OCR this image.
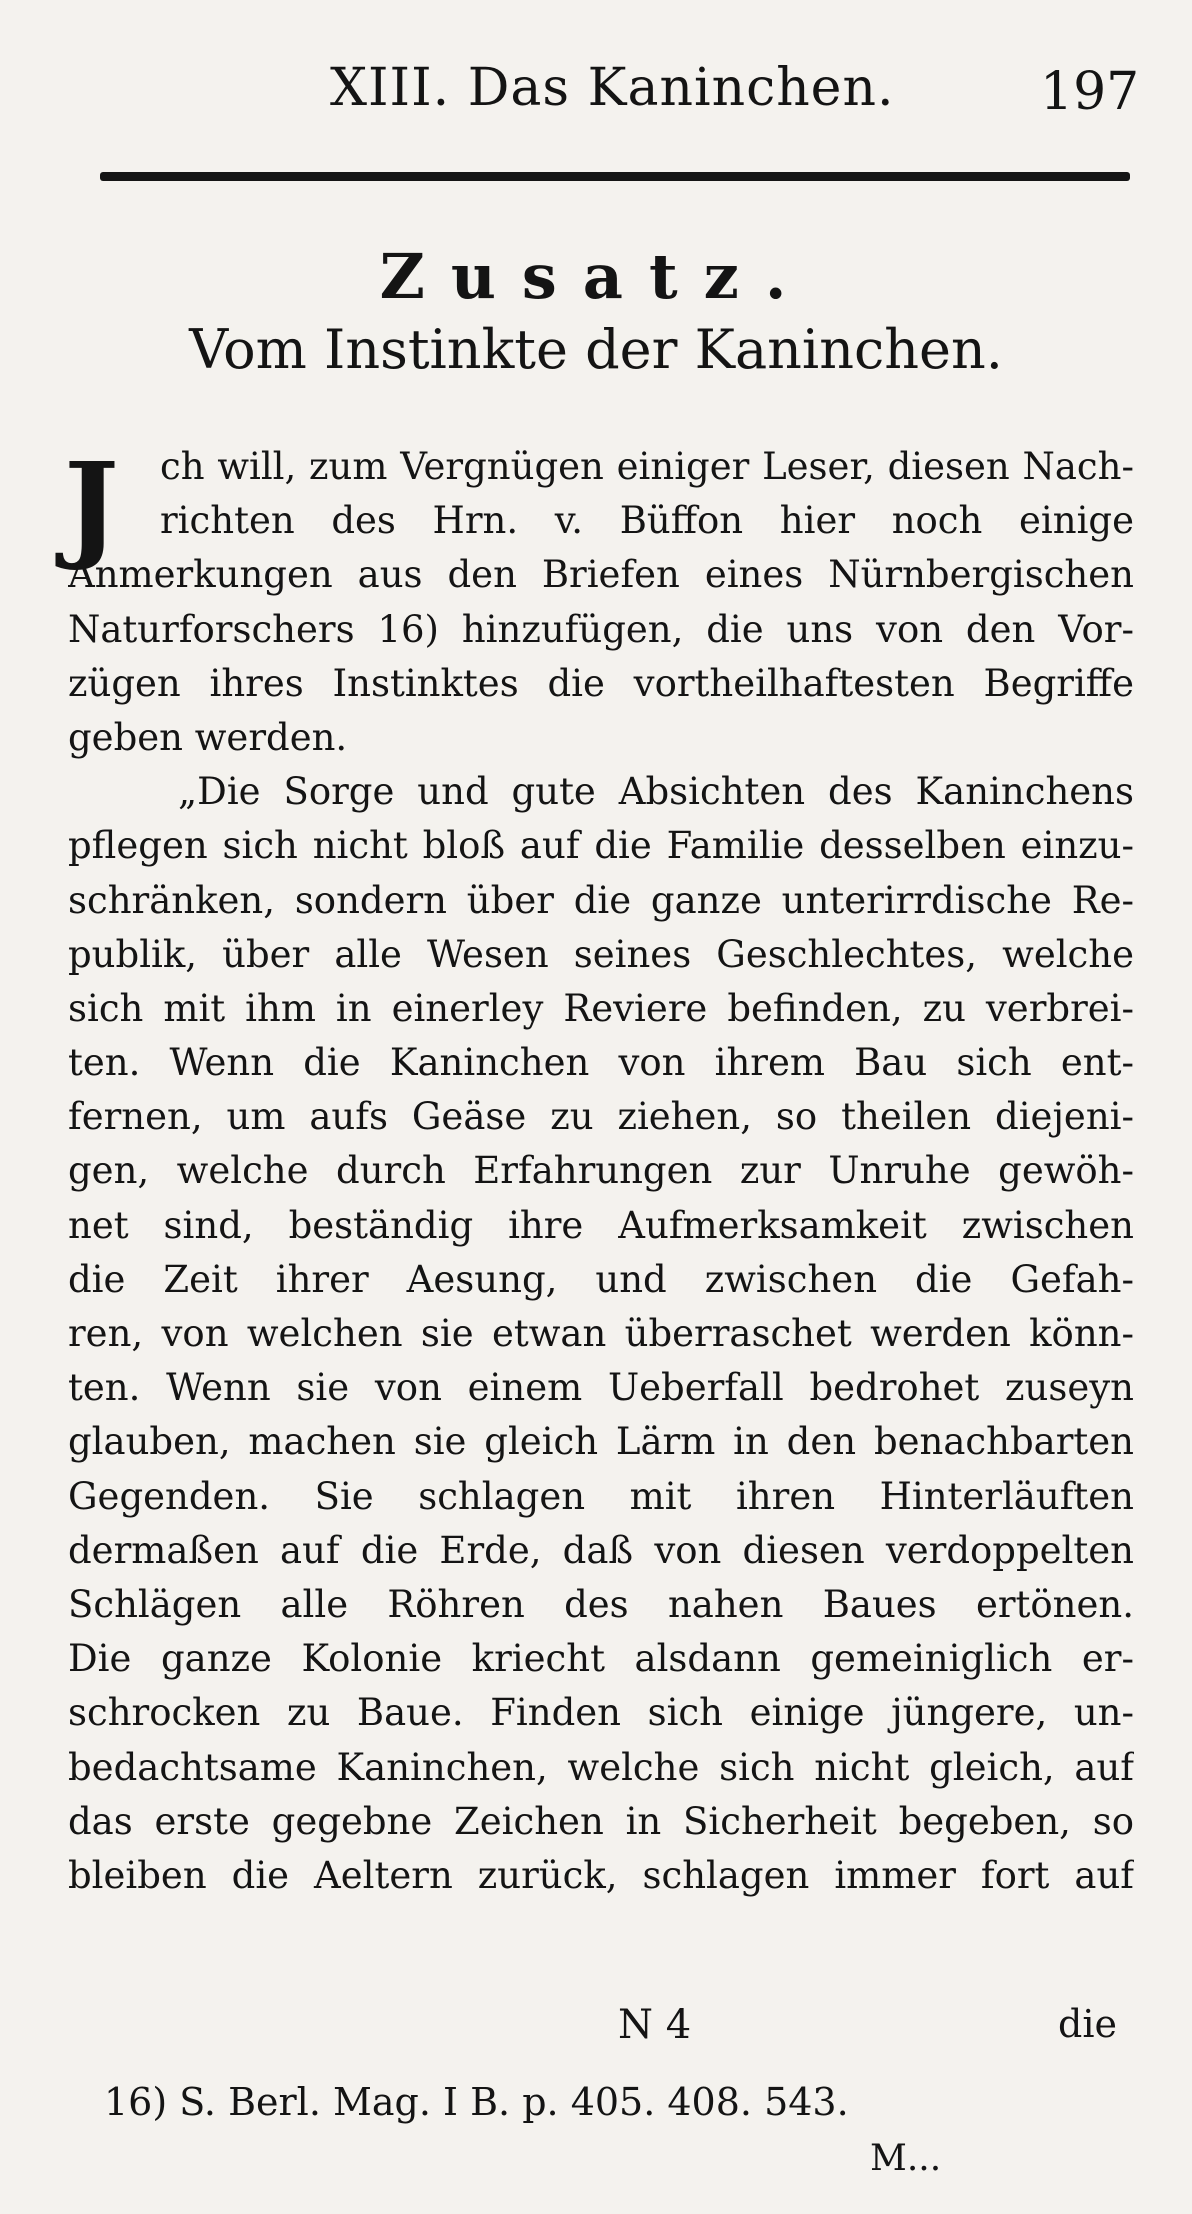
XIII. Das Kaninchen.	197
Zusatz.
Vom Instinkte der Kaninchen.
J	ch will, zum Vergnügen einiger Leser, diesen Nach-
richten des Hrn. v. Büffon hier noch einige
Anmerkungen aus den Briefen eines Nürnbergischen
Naturforschers 16) hinzufügen, die uns von den Vor-
zügen ihres Instinktes die vortheilhaftesten Begriffe
geben werden.
„Die Sorge und gute Absichten des Kaninchens
pflegen sich nicht bloß auf die Familie desselben einzu-
schränken, sondern über die ganze unterirrdische Re-
publik, über alle Wesen seines Geschlechtes, welche
sich mit ihm in einerley Reviere befinden, zu verbrei-
ten. Wenn die Kaninchen von ihrem Bau sich ent-
fernen, um aufs Geäse zu ziehen, so theilen diejeni-
gen, welche durch Erfahrungen zur Unruhe gewöh-
net sind, beständig ihre Aufmerksamkeit zwischen
die Zeit ihrer Aesung, und zwischen die Gefah-
ren, von welchen sie etwan überraschet werden könn-
ten. Wenn sie von einem Ueberfall bedrohet zuseyn
glauben, machen sie gleich Lärm in den benachbarten
Gegenden. Sie schlagen mit ihren Hinterläuften
dermaßen auf die Erde, daß von diesen verdoppelten
Schlägen alle Röhren des nahen Baues ertönen.
Die ganze Kolonie kriecht alsdann gemeiniglich er-
schrocken zu Baue. Finden sich einige jüngere, un-
bedachtsame Kaninchen, welche sich nicht gleich, auf
das erste gegebne Zeichen in Sicherheit begeben, so
bleiben die Aeltern zurück, schlagen immer fort auf
N 4	die
16) S. Berl. Mag. I B. p. 405. 408. 543.
M...
